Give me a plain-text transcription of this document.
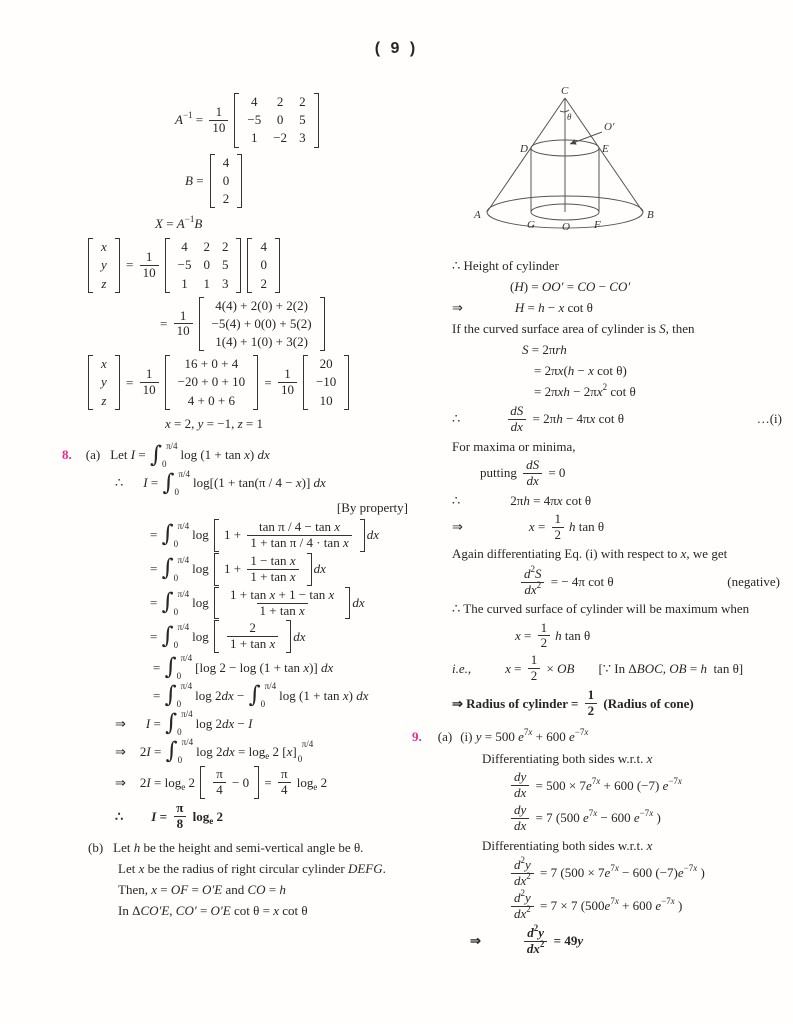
( 9 )
$A -1 = \frac{1}{10}$
4	2	2
−5	0	5
1	−2	3
B =
4
0
2
X = A −1 B
x
y
z
= $\frac{1}{10}$
4	2	2
−5	0	5
1	1	3
4
0
2
= $\frac{1}{10}$
4(4) + 2(0) + 2(2)
−5(4) + 0(0) + 5(2)
1(4) + 1(0) + 3(2)
x
y
z
= $\frac{1}{10}$
16 + 0 + 4
−20 + 0 + 10
4 + 0 + 6
= $\frac{1}{10}$
20
−10
10
x = 2, y = −1, z = 1
8. (a) Let I = ∫ π/4
0
log (1 + tan x ) dx
∴ I = ∫ π/4
0
log[(1 + tan(π / 4 − x )] dx
[By property]
= ∫ π/4
0
$\log 1 + \frac{\text{tan π / 4 − tan x}}{\text{1 + tan π / 4 · tan x}}$ dx
= ∫ π/4
0
$\log 1 + \frac{\text{1 − tan x}}{\text{1 + tan x}}$ dx
= ∫ π/4
0
$\log \frac{\text{1 + tan x + 1 − tan x}}{\text{1 + tan x}}$ dx
= ∫ π/4
0
$\log \frac{2}{\text{1 + tan x}}$ dx
= ∫ π/4
0
[log 2 − log (1 + tan x )] dx
= ∫ π/4
0
log 2 dx − ∫ π/4
0
log (1 + tan x ) dx
⇒ I = ∫ π/4
0
log 2 dx − I
⇒ 2 I = ∫ π/4
0
log 2 dx = log e 2 [ x ] π/4
0
⇒ 2 I = log e $2 \frac{\pi}{4} - 0 = \frac{\pi}{4}$ log e 2
∴ $I = \frac{\pi}{8}$ log e 2
(b) Let h be the height and semi-vertical angle be θ.
Let x be the radius of right circular cylinder DEFG .
Then, x = OF = O′E and CO = h
In Δ CO′E , CO′ = O′E cot θ = x cot θ
C
θ
O′
D	E
A
G O F
B
∴ Height of cylinder
( H ) = OO′ = CO − CO′
⇒	H = h − x cot θ
If the curved surface area of cylinder is S , then
S = 2π rh
= 2π x ( h − x cot θ)
= 2π xh − 2π x 2 cot θ
∴	$\frac{dS}{dx} = 2\pi$ h − 4π x cot θ	…(i)
For maxima or minima,
putting $\frac{dS}{dx} = 0$
∴	2π h = 4π x cot θ
⇒	$x = \frac{1}{2}$ h tan θ
Again differentiating Eq. (i) with respect to x, we get
$\frac{d 2 S}{dx 2}$ = − 4π cot θ	(negative)
∴ The curved surface of cylinder will be maximum when
$x = \frac{1}{2}$ h tan θ
i.e.,	$x = \frac{1}{2}$ × OB [∵ In Δ BOC , OB = h tan θ]
⇒ Radius of cylinder = $\frac{1}{2}$ (Radius of cone)
9. (a) (i) y = 500 e 7 x + 600 e −7 x
Differentiating both sides w.r.t. x
$\frac{dy}{dx} = 500 \times 7$ e 7 x + 600 (−7) e −7 x
$\frac{dy}{dx} = 7$ (500 e 7 x − 600 e −7 x )
Differentiating both sides w.r.t. x
$\frac{d 2 y}{dx 2} = 7$ (500 × 7 e 7 x − 600 (−7) e −7 x )
$\frac{d 2 y}{dx 2} = 7 \times 7$ (500 e 7 x + 600 e −7 x )
⇒	$\frac{d 2 y}{dx 2} = 49$ y
